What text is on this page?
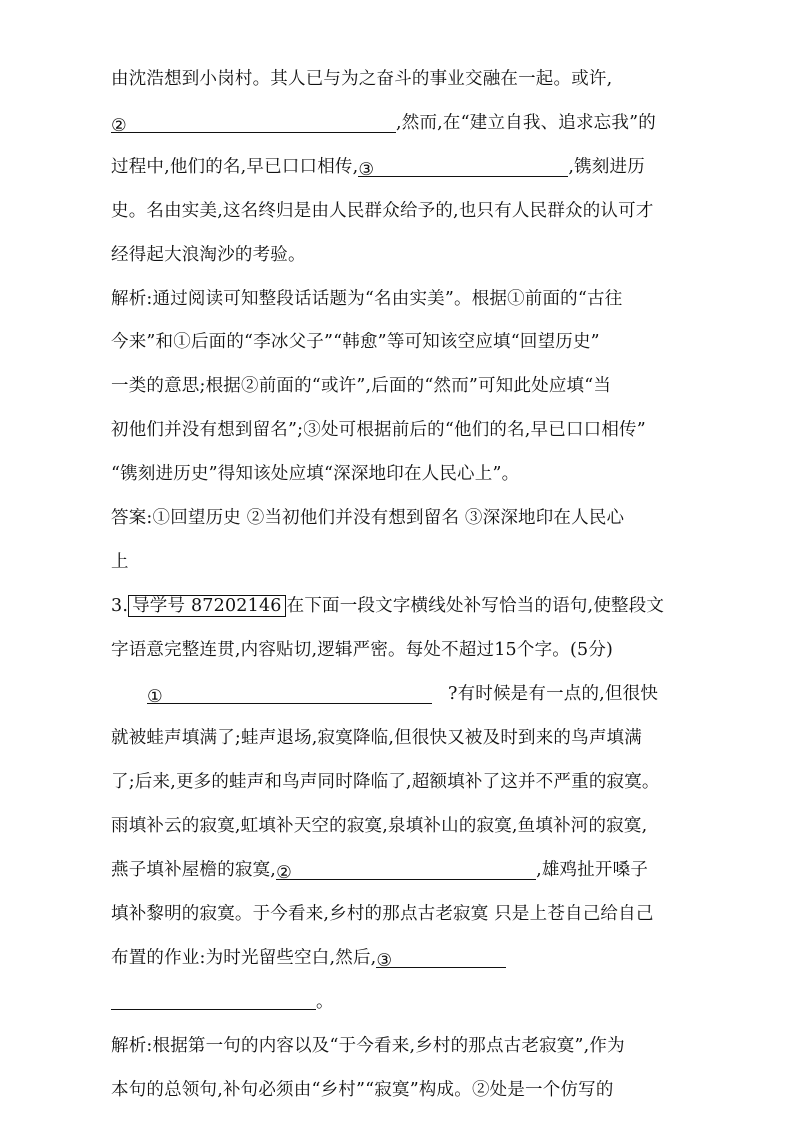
由沈浩想到小岗村。其人已与为之奋斗的事业交融在一起。或许,
②	,然而,在“建立自我、追求忘我”的
过程中,他们的名,早已口口相传,③	,镌刻进历
史。名由实美,这名终归是由人民群众给予的,也只有人民群众的认可才
经得起大浪淘沙的考验。
解析:通过阅读可知整段话话题为“名由实美”。根据①前面的“古往
今来”和①后面的“李冰父子”“韩愈”等可知该空应填“回望历史”
一类的意思;根据②前面的“或许”,后面的“然而”可知此处应填“当
初他们并没有想到留名”;③处可根据前后的“他们的名,早已口口相传”
“镌刻进历史”得知该处应填“深深地印在人民心上”。
答案:①回望历史 ②当初他们并没有想到留名 ③深深地印在人民心
上
3. 导学号 87202146 在下面一段文字横线处补写恰当的语句,使整段文
字语意完整连贯,内容贴切,逻辑严密。每处不超过15个字。(5分)
①	?有时候是有一点的,但很快
就被蛙声填满了;蛙声退场,寂寞降临,但很快又被及时到来的鸟声填满
了;后来,更多的蛙声和鸟声同时降临了,超额填补了这并不严重的寂寞。
雨填补云的寂寞,虹填补天空的寂寞,泉填补山的寂寞,鱼填补河的寂寞,
燕子填补屋檐的寂寞,②	,雄鸡扯开嗓子
填补黎明的寂寞。于今看来,乡村的那点古老寂寞 只是上苍自己给自己
布置的作业:为时光留些空白,然后,③
。
解析:根据第一句的内容以及“于今看来,乡村的那点古老寂寞”,作为
本句的总领句,补句必须由“乡村”“寂寞”构成。②处是一个仿写的
